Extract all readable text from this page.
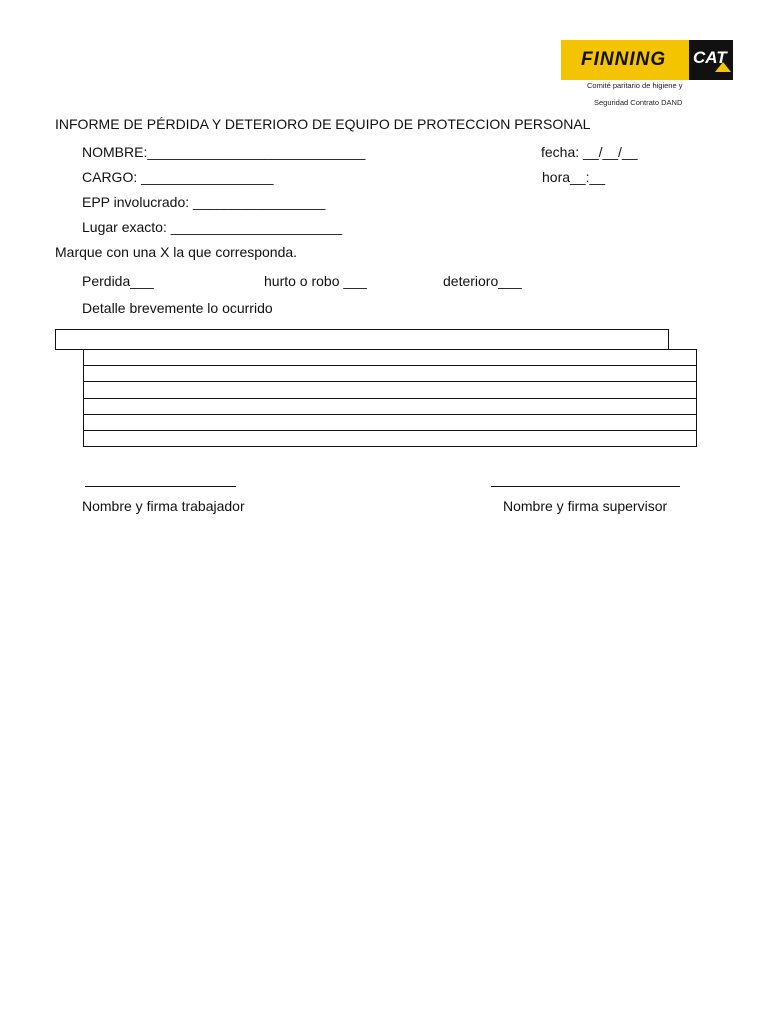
FINNING CAT
Comité paritario de higiene y
Seguridad Contrato DAND
INFORME DE PÉRDIDA Y DETERIORO DE EQUIPO DE PROTECCION PERSONAL
NOMBRE:____________________________	fecha: __/__/__
CARGO: _________________	hora__:__
EPP involucrado: _________________
Lugar exacto: ______________________
Marque con una X la que corresponda.
Perdida___	hurto o robo ___	deterioro___
Detalle brevemente lo ocurrido
Nombre y firma trabajador	Nombre y firma supervisor
